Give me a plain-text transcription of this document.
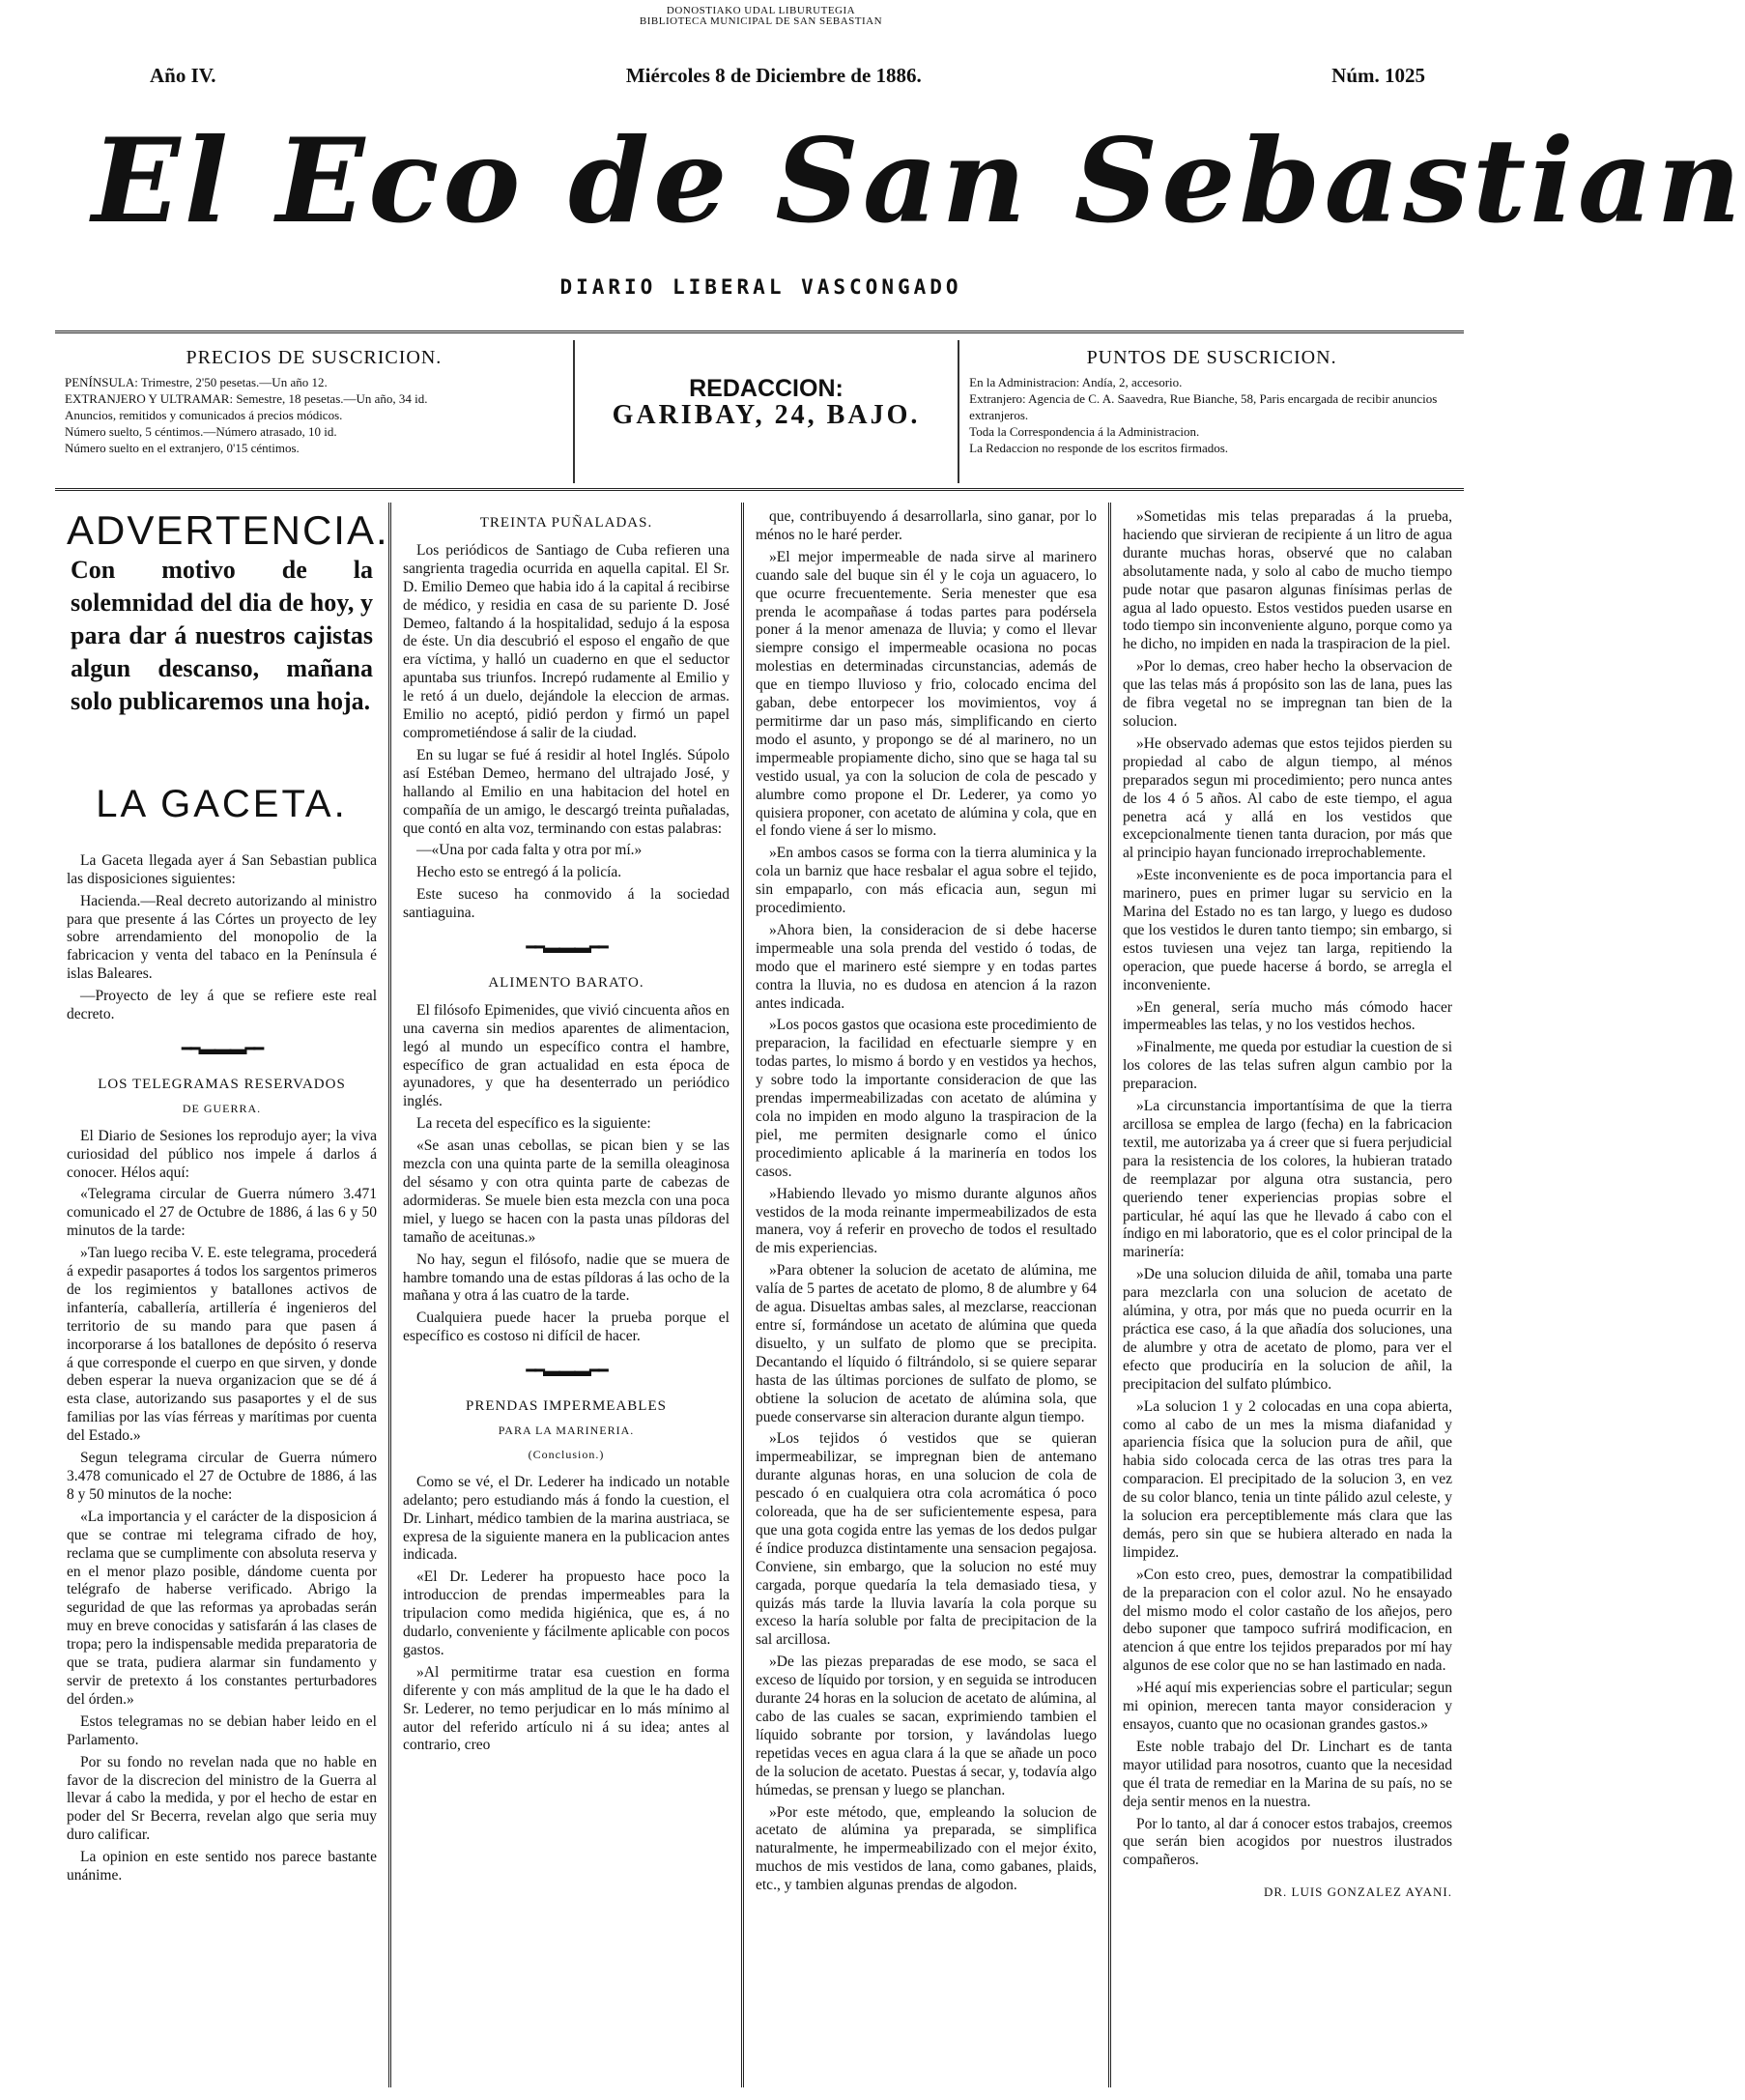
DONOSTIAKO UDAL LIBURUTEGIA
BIBLIOTECA MUNICIPAL DE SAN SEBASTIAN
Año IV.	Miércoles 8 de Diciembre de 1886.	Núm. 1025
El Eco de San Sebastian
DIARIO LIBERAL VASCONGADO
PRECIOS DE SUSCRICION.
PENÍNSULA: Trimestre, 2'50 pesetas.—Un año 12.
EXTRANJERO Y ULTRAMAR: Semestre, 18 pesetas.—Un año, 34 id.
Anuncios, remitidos y comunicados á precios módicos.
Número suelto, 5 céntimos.—Número atrasado, 10 id.
Número suelto en el extranjero, 0'15 céntimos.
REDACCION:
GARIBAY, 24, BAJO.
PUNTOS DE SUSCRICION.
En la Administracion: Andía, 2, accesorio.
Extranjero: Agencia de C. A. Saavedra, Rue Bianche, 58, Paris encargada de recibir anuncios extranjeros.
Toda la Correspondencia á la Administracion.
La Redaccion no responde de los escritos firmados.
ADVERTENCIA.
Con motivo de la solemnidad del dia de hoy, y para dar á nuestros cajistas algun descanso, mañana solo publicaremos una hoja.
LA GACETA.

La Gaceta llegada ayer á San Sebastian publica las disposiciones siguientes:

Hacienda.—Real decreto autorizando al ministro para que presente á las Córtes un proyecto de ley sobre arrendamiento del monopolio de la fabricacion y venta del tabaco en la Península é islas Baleares.

—Proyecto de ley á que se refiere este real decreto.

━━▬▬▬━━
LOS TELEGRAMAS RESERVADOS
DE GUERRA.

El Diario de Sesiones los reprodujo ayer; la viva curiosidad del público nos impele á darlos á conocer. Hélos aquí:

«Telegrama circular de Guerra número 3.471 comunicado el 27 de Octubre de 1886, á las 6 y 50 minutos de la tarde:

»Tan luego reciba V. E. este telegrama, procederá á expedir pasaportes á todos los sargentos primeros de los regimientos y batallones activos de infantería, caballería, artillería é ingenieros del territorio de su mando para que pasen á incorporarse á los batallones de depósito ó reserva á que corresponde el cuerpo en que sirven, y donde deben esperar la nueva organizacion que se dé á esta clase, autorizando sus pasaportes y el de sus familias por las vías férreas y marítimas por cuenta del Estado.»

Segun telegrama circular de Guerra número 3.478 comunicado el 27 de Octubre de 1886, á las 8 y 50 minutos de la noche:

«La importancia y el carácter de la disposicion á que se contrae mi telegrama cifrado de hoy, reclama que se cumplimente con absoluta reserva y en el menor plazo posible, dándome cuenta por telégrafo de haberse verificado. Abrigo la seguridad de que las reformas ya aprobadas serán muy en breve conocidas y satisfarán á las clases de tropa; pero la indispensable medida preparatoria de que se trata, pudiera alarmar sin fundamento y servir de pretexto á los constantes perturbadores del órden.»

Estos telegramas no se debian haber leido en el Parlamento.

Por su fondo no revelan nada que no hable en favor de la discrecion del ministro de la Guerra al llevar á cabo la medida, y por el hecho de estar en poder del Sr Becerra, revelan algo que seria muy duro calificar.

La opinion en este sentido nos parece bastante unánime.

TREINTA PUÑALADAS.

Los periódicos de Santiago de Cuba refieren una sangrienta tragedia ocurrida en aquella capital. El Sr. D. Emilio Demeo que habia ido á la capital á recibirse de médico, y residia en casa de su pariente D. José Demeo, faltando á la hospitalidad, sedujo á la esposa de éste. Un dia descubrió el esposo el engaño de que era víctima, y halló un cuaderno en que el seductor apuntaba sus triunfos. Increpó rudamente al Emilio y le retó á un duelo, dejándole la eleccion de armas. Emilio no aceptó, pidió perdon y firmó un papel comprometiéndose á salir de la ciudad.

En su lugar se fué á residir al hotel Inglés. Súpolo así Estéban Demeo, hermano del ultrajado José, y hallando al Emilio en una habitacion del hotel en compañía de un amigo, le descargó treinta puñaladas, que contó en alta voz, terminando con estas palabras:

—«Una por cada falta y otra por mí.»

Hecho esto se entregó á la policía.

Este suceso ha conmovido á la sociedad santiaguina.

━━▬▬▬━━
ALIMENTO BARATO.

El filósofo Epimenides, que vivió cincuenta años en una caverna sin medios aparentes de alimentacion, legó al mundo un específico contra el hambre, específico de gran actualidad en esta época de ayunadores, y que ha desenterrado un periódico inglés.

La receta del específico es la siguiente:

«Se asan unas cebollas, se pican bien y se las mezcla con una quinta parte de la semilla oleaginosa del sésamo y con otra quinta parte de cabezas de adormideras. Se muele bien esta mezcla con una poca miel, y luego se hacen con la pasta unas píldoras del tamaño de aceitunas.»

No hay, segun el filósofo, nadie que se muera de hambre tomando una de estas píldoras á las ocho de la mañana y otra á las cuatro de la tarde.

Cualquiera puede hacer la prueba porque el específico es costoso ni difícil de hacer.

━━▬▬▬━━
PRENDAS IMPERMEABLES
PARA LA MARINERIA.
(Conclusion.)

Como se vé, el Dr. Lederer ha indicado un notable adelanto; pero estudiando más á fondo la cuestion, el Dr. Linhart, médico tambien de la marina austriaca, se expresa de la siguiente manera en la publicacion antes indicada.

«El Dr. Lederer ha propuesto hace poco la introduccion de prendas impermeables para la tripulacion como medida higiénica, que es, á no dudarlo, conveniente y fácilmente aplicable con pocos gastos.

»Al permitirme tratar esa cuestion en forma diferente y con más amplitud de la que le ha dado el Sr. Lederer, no temo perjudicar en lo más mínimo al autor del referido artículo ni á su idea; antes al contrario, creo

que, contribuyendo á desarrollarla, sino ganar, por lo ménos no le haré perder.

»El mejor impermeable de nada sirve al marinero cuando sale del buque sin él y le coja un aguacero, lo que ocurre frecuentemente. Seria menester que esa prenda le acompañase á todas partes para podérsela poner á la menor amenaza de lluvia; y como el llevar siempre consigo el impermeable ocasiona no pocas molestias en determinadas circunstancias, además de que en tiempo lluvioso y frio, colocado encima del gaban, debe entorpecer los movimientos, voy á permitirme dar un paso más, simplificando en cierto modo el asunto, y propongo se dé al marinero, no un impermeable propiamente dicho, sino que se haga tal su vestido usual, ya con la solucion de cola de pescado y alumbre como propone el Dr. Lederer, ya como yo quisiera proponer, con acetato de alúmina y cola, que en el fondo viene á ser lo mismo.

»En ambos casos se forma con la tierra aluminica y la cola un barniz que hace resbalar el agua sobre el tejido, sin empaparlo, con más eficacia aun, segun mi procedimiento.

»Ahora bien, la consideracion de si debe hacerse impermeable una sola prenda del vestido ó todas, de modo que el marinero esté siempre y en todas partes contra la lluvia, no es dudosa en atencion á la razon antes indicada.

»Los pocos gastos que ocasiona este procedimiento de preparacion, la facilidad en efectuarle siempre y en todas partes, lo mismo á bordo y en vestidos ya hechos, y sobre todo la importante consideracion de que las prendas impermeabilizadas con acetato de alúmina y cola no impiden en modo alguno la traspiracion de la piel, me permiten designarle como el único procedimiento aplicable á la marinería en todos los casos.

»Habiendo llevado yo mismo durante algunos años vestidos de la moda reinante impermeabilizados de esta manera, voy á referir en provecho de todos el resultado de mis experiencias.

»Para obtener la solucion de acetato de alúmina, me valía de 5 partes de acetato de plomo, 8 de alumbre y 64 de agua. Disueltas ambas sales, al mezclarse, reaccionan entre sí, formándose un acetato de alúmina que queda disuelto, y un sulfato de plomo que se precipita. Decantando el líquido ó filtrándolo, si se quiere separar hasta de las últimas porciones de sulfato de plomo, se obtiene la solucion de acetato de alúmina sola, que puede conservarse sin alteracion durante algun tiempo.

»Los tejidos ó vestidos que se quieran impermeabilizar, se impregnan bien de antemano durante algunas horas, en una solucion de cola de pescado ó en cualquiera otra cola acromática ó poco coloreada, que ha de ser suficientemente espesa, para que una gota cogida entre las yemas de los dedos pulgar é índice produzca distintamente una sensacion pegajosa. Conviene, sin embargo, que la solucion no esté muy cargada, porque quedaría la tela demasiado tiesa, y quizás más tarde la lluvia lavaría la cola porque su exceso la haría soluble por falta de precipitacion de la sal arcillosa.

»De las piezas preparadas de ese modo, se saca el exceso de líquido por torsion, y en seguida se introducen durante 24 horas en la solucion de acetato de alúmina, al cabo de las cuales se sacan, exprimiendo tambien el líquido sobrante por torsion, y lavándolas luego repetidas veces en agua clara á la que se añade un poco de la solucion de acetato. Puestas á secar, y, todavía algo húmedas, se prensan y luego se planchan.

»Por este método, que, empleando la solucion de acetato de alúmina ya preparada, se simplifica naturalmente, he impermeabilizado con el mejor éxito, muchos de mis vestidos de lana, como gabanes, plaids, etc., y tambien algunas prendas de algodon.

»Sometidas mis telas preparadas á la prueba, haciendo que sirvieran de recipiente á un litro de agua durante muchas horas, observé que no calaban absolutamente nada, y solo al cabo de mucho tiempo pude notar que pasaron algunas finísimas perlas de agua al lado opuesto. Estos vestidos pueden usarse en todo tiempo sin inconveniente alguno, porque como ya he dicho, no impiden en nada la traspiracion de la piel.

»Por lo demas, creo haber hecho la observacion de que las telas más á propósito son las de lana, pues las de fibra vegetal no se impregnan tan bien de la solucion.

»He observado ademas que estos tejidos pierden su propiedad al cabo de algun tiempo, al ménos preparados segun mi procedimiento; pero nunca antes de los 4 ó 5 años. Al cabo de este tiempo, el agua penetra acá y allá en los vestidos que excepcionalmente tienen tanta duracion, por más que al principio hayan funcionado irreprochablemente.

»Este inconveniente es de poca importancia para el marinero, pues en primer lugar su servicio en la Marina del Estado no es tan largo, y luego es dudoso que los vestidos le duren tanto tiempo; sin embargo, si estos tuviesen una vejez tan larga, repitiendo la operacion, que puede hacerse á bordo, se arregla el inconveniente.

»En general, sería mucho más cómodo hacer impermeables las telas, y no los vestidos hechos.

»Finalmente, me queda por estudiar la cuestion de si los colores de las telas sufren algun cambio por la preparacion.

»La circunstancia importantísima de que la tierra arcillosa se emplea de largo (fecha) en la fabricacion textil, me autorizaba ya á creer que si fuera perjudicial para la resistencia de los colores, la hubieran tratado de reemplazar por alguna otra sustancia, pero queriendo tener experiencias propias sobre el particular, hé aquí las que he llevado á cabo con el índigo en mi laboratorio, que es el color principal de la marinería:

»De una solucion diluida de añil, tomaba una parte para mezclarla con una solucion de acetato de alúmina, y otra, por más que no pueda ocurrir en la práctica ese caso, á la que añadía dos soluciones, una de alumbre y otra de acetato de plomo, para ver el efecto que produciría en la solucion de añil, la precipitacion del sulfato plúmbico.

»La solucion 1 y 2 colocadas en una copa abierta, como al cabo de un mes la misma diafanidad y apariencia física que la solucion pura de añil, que habia sido colocada cerca de las otras tres para la comparacion. El precipitado de la solucion 3, en vez de su color blanco, tenia un tinte pálido azul celeste, y la solucion era perceptiblemente más clara que las demás, pero sin que se hubiera alterado en nada la limpidez.

»Con esto creo, pues, demostrar la compatibilidad de la preparacion con el color azul. No he ensayado del mismo modo el color castaño de los añejos, pero debo suponer que tampoco sufrirá modificacion, en atencion á que entre los tejidos preparados por mí hay algunos de ese color que no se han lastimado en nada.

»Hé aquí mis experiencias sobre el particular; segun mi opinion, merecen tanta mayor consideracion y ensayos, cuanto que no ocasionan grandes gastos.»

Este noble trabajo del Dr. Linchart es de tanta mayor utilidad para nosotros, cuanto que la necesidad que él trata de remediar en la Marina de su país, no se deja sentir menos en la nuestra.

Por lo tanto, al dar á conocer estos trabajos, creemos que serán bien acogidos por nuestros ilustrados compañeros.

DR. LUIS GONZALEZ AYANI.
